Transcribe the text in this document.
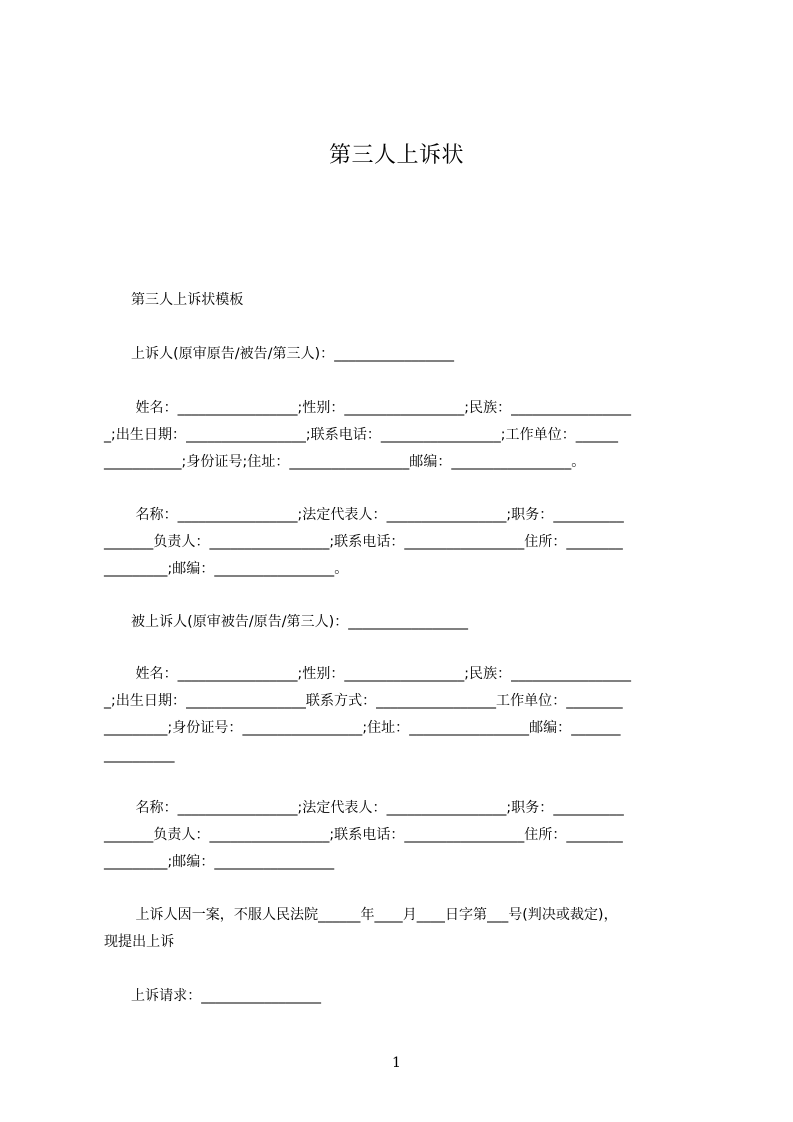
第三人上诉状
第三人上诉状模板
上诉人(原审原告/被告/第三人)：_________________
姓名：_________________;性别：_________________;民族：_________________
_;出生日期：_________________;联系电话：_________________;工作单位：______
___________;身份证号;住址：_________________邮编：_________________。
名称：_________________;法定代表人：_________________;职务：__________
_______负责人：_________________;联系电话：_________________住所：________
_________;邮编：_________________。
被上诉人(原审被告/原告/第三人)：_________________
姓名：_________________;性别：_________________;民族：_________________
_;出生日期：_________________联系方式：_________________工作单位：________
_________;身份证号：_________________;住址：_________________邮编：_______
__________
名称：_________________;法定代表人：_________________;职务：__________
_______负责人：_________________;联系电话：_________________住所：________
_________;邮编：_________________
上诉人因一案，不服人民法院______年____月____日字第___号(判决或裁定)，
现提出上诉
上诉请求：_________________
1
